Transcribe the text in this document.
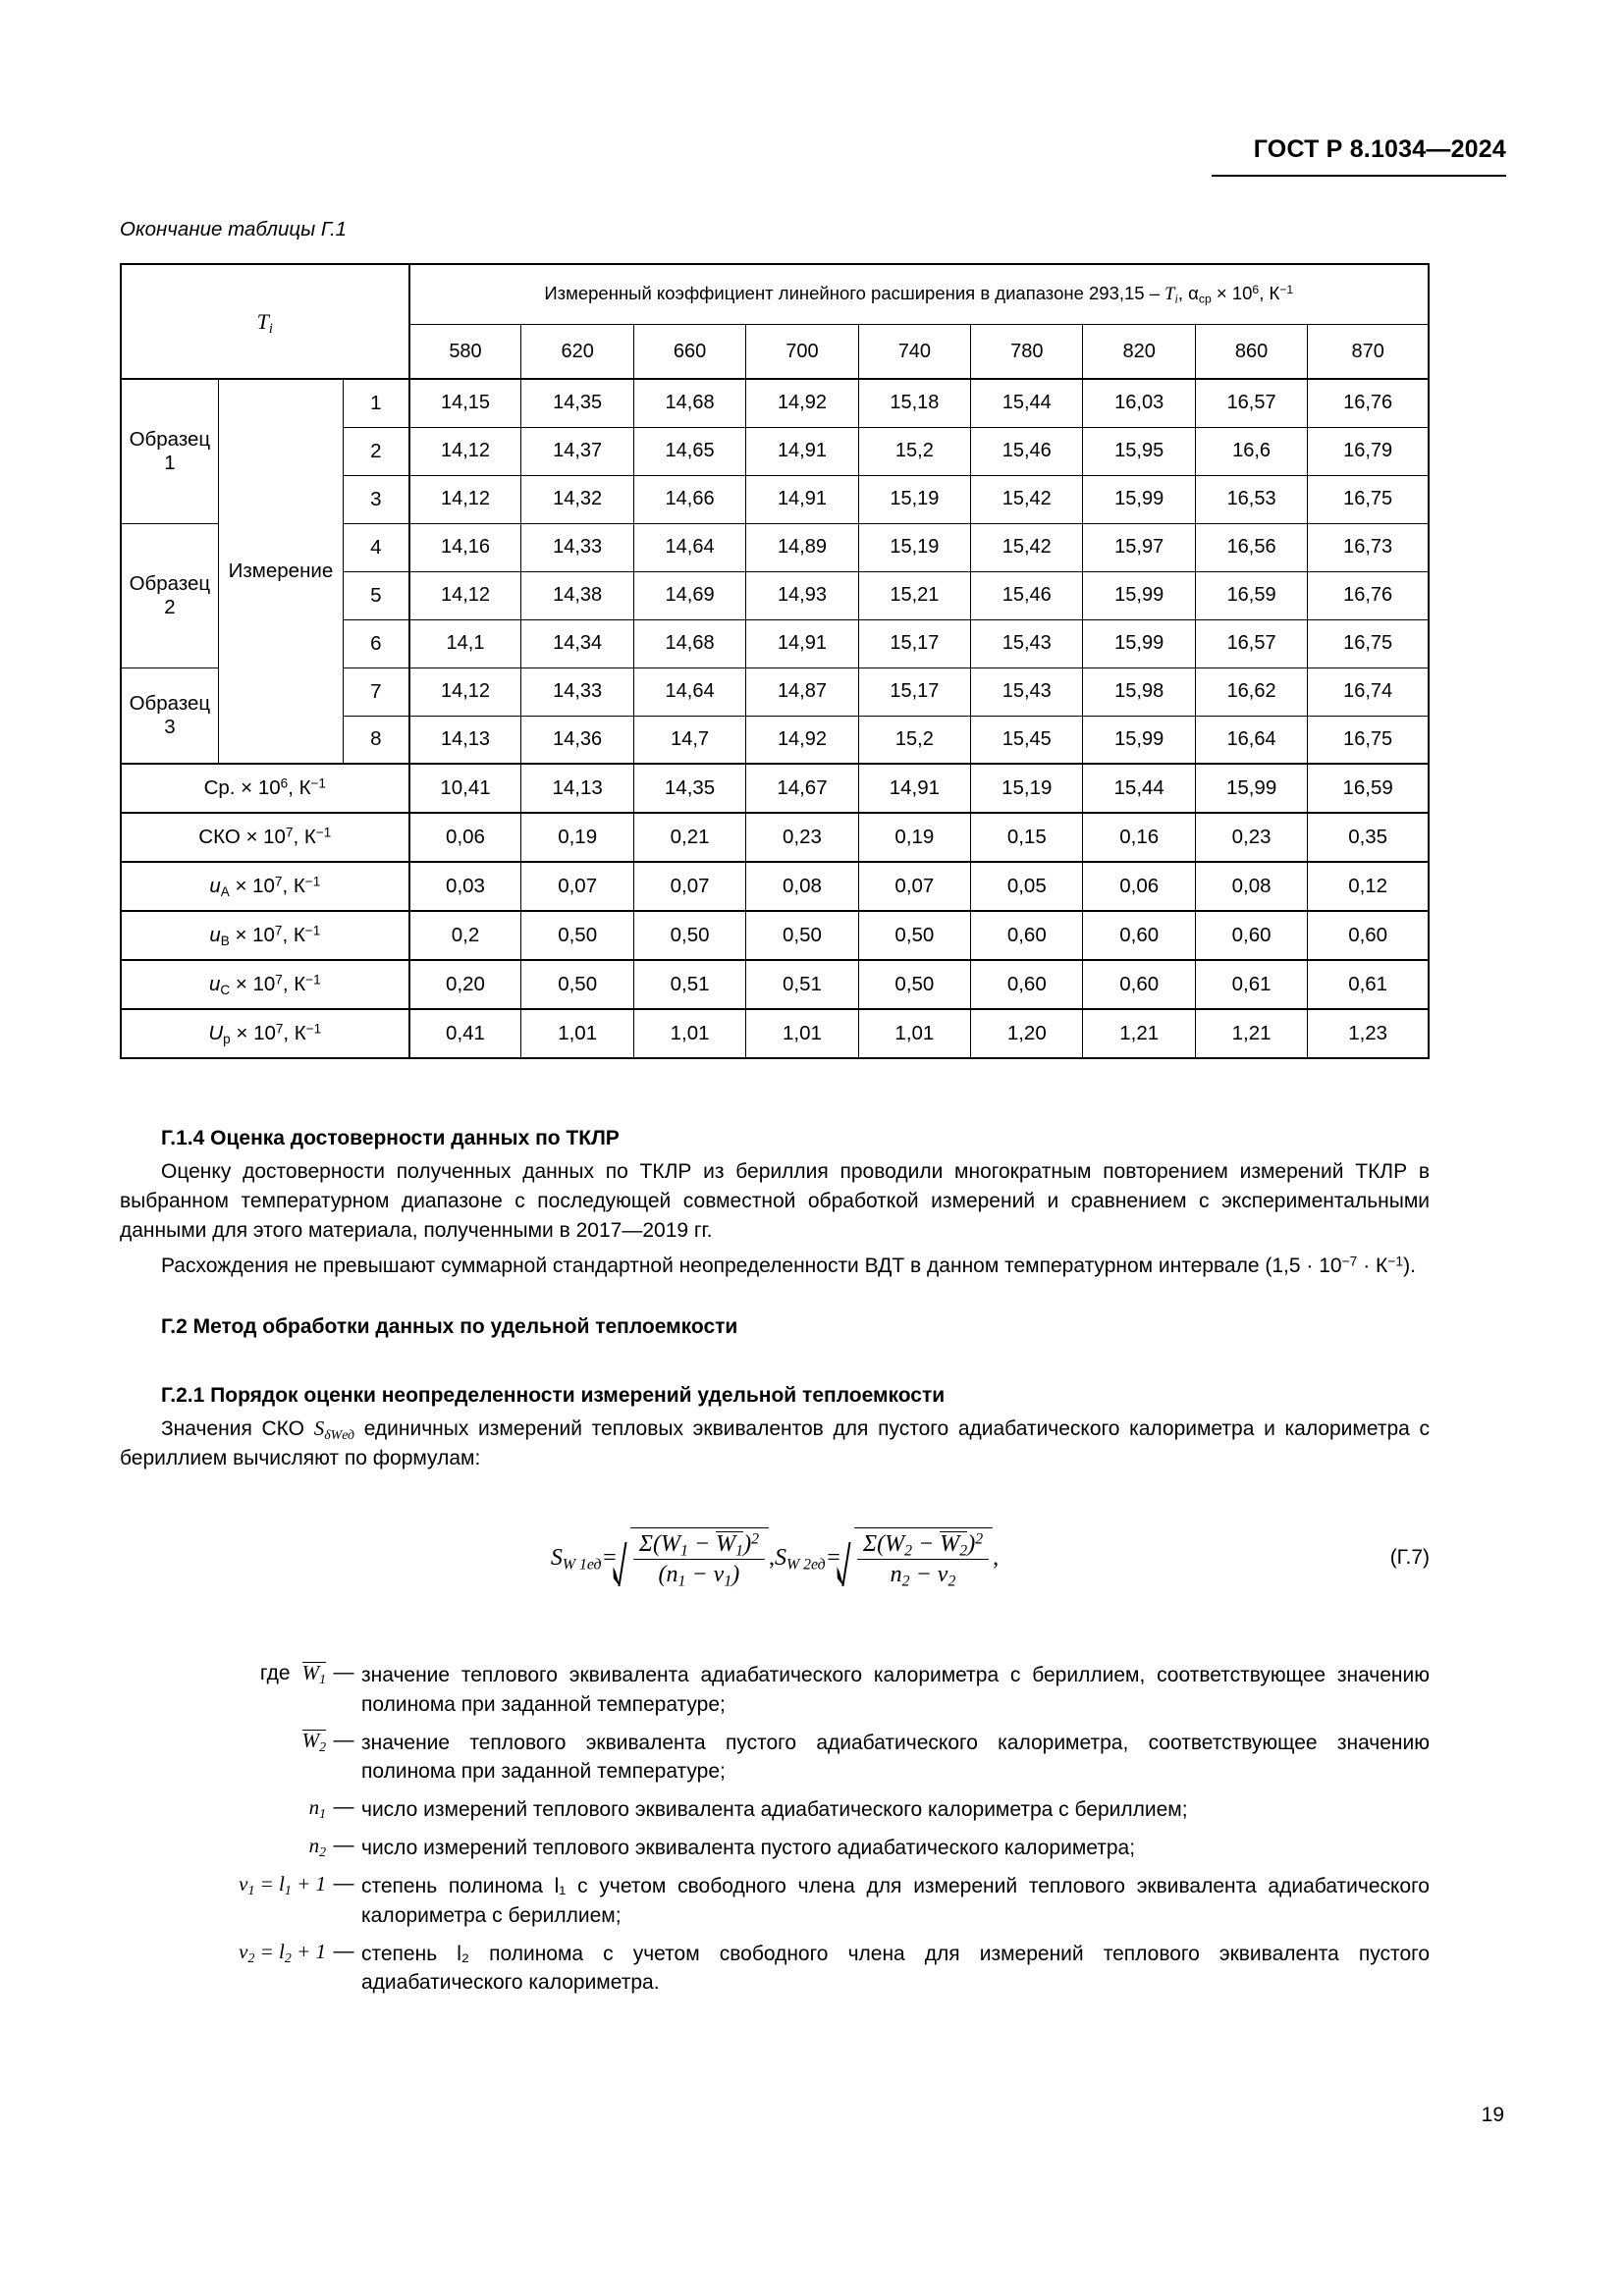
ГОСТ Р 8.1034—2024
Окончание таблицы Г.1
$T_i$			Измеренный коэффициент линейного расширения в диапазоне $293,15 - T_i$, $\alpha_{ср} \times 10^6$, $К^{-1}$
			580	620	660	700	740	780	820	860	870
Образец 1	Измерение	1	14,15	14,35	14,68	14,92	15,18	15,44	16,03	16,57	16,76
		2	14,12	14,37	14,65	14,91	15,2	15,46	15,95	16,6	16,79
		3	14,12	14,32	14,66	14,91	15,19	15,42	15,99	16,53	16,75
Образец 2		4	14,16	14,33	14,64	14,89	15,19	15,42	15,97	16,56	16,73
		5	14,12	14,38	14,69	14,93	15,21	15,46	15,99	16,59	16,76
		6	14,1	14,34	14,68	14,91	15,17	15,43	15,99	16,57	16,75
Образец 3		7	14,12	14,33	14,64	14,87	15,17	15,43	15,98	16,62	16,74
		8	14,13	14,36	14,7	14,92	15,2	15,45	15,99	16,64	16,75
Ср. × $10^6$, $К^{-1}$			10,41	14,13	14,35	14,67	14,91	15,19	15,44	15,99	16,59
СКО × $10^7$, $К^{-1}$			0,06	0,19	0,21	0,23	0,19	0,15	0,16	0,23	0,35
$u_A \times 10^7$, $К^{-1}$			0,03	0,07	0,07	0,08	0,07	0,05	0,06	0,08	0,12
$u_B \times 10^7$, $К^{-1}$			0,2	0,50	0,50	0,50	0,50	0,60	0,60	0,60	0,60
$u_C \times 10^7$, $К^{-1}$			0,20	0,50	0,51	0,51	0,50	0,60	0,60	0,61	0,61
$U_р \times 10^7$, $К^{-1}$			0,41	1,01	1,01	1,01	1,01	1,20	1,21	1,21	1,23
Г.1.4 Оценка достоверности данных по ТКЛР

Оценку достоверности полученных данных по ТКЛР из бериллия проводили многократным повторением измерений ТКЛР в выбранном температурном диапазоне с последующей совместной обработкой измерений и сравнением с экспериментальными данными для этого материала, полученными в 2017—2019 гг.

Расхождения не превышают суммарной стандартной неопределенности ВДТ в данном температурном интервале $(1,5 \cdot 10^{-7} \cdot К^{-1})$.

Г.2 Метод обработки данных по удельной теплоемкости
Г.2.1 Порядок оценки неопределенности измерений удельной теплоемкости

Значения СКО $S_{\delta Wед}$ единичных измерений тепловых эквивалентов для пустого адиабатического калориметра и калориметра с бериллием вычисляют по формулам:

$S_{W 1ед} = \frac{\Sigma(W_1 - W_1)^2}{(n_1 - \nu_1)}$ , $S_{W 2ед} = \frac{\Sigma(W_2 - W_2)^2}{n_2 - \nu_2}$ ,	(Г.7)
где $W_1$ — значение теплового эквивалента адиабатического калориметра с бериллием, соответствующее значению полинома при заданной температуре;
$W_2$ — значение теплового эквивалента пустого адиабатического калориметра, соответствующее значению полинома при заданной температуре;
$n_1$ — число измерений теплового эквивалента адиабатического калориметра с бериллием;
$n_2$ — число измерений теплового эквивалента пустого адиабатического калориметра;
$\nu_1 = l_1 + 1$ — степень полинома l₁ с учетом свободного члена для измерений теплового эквивалента адиабатического калориметра с бериллием;
$\nu_2 = l_2 + 1$ — степень l₂ полинома с учетом свободного члена для измерений теплового эквивалента пустого адиабатического калориметра.
19
